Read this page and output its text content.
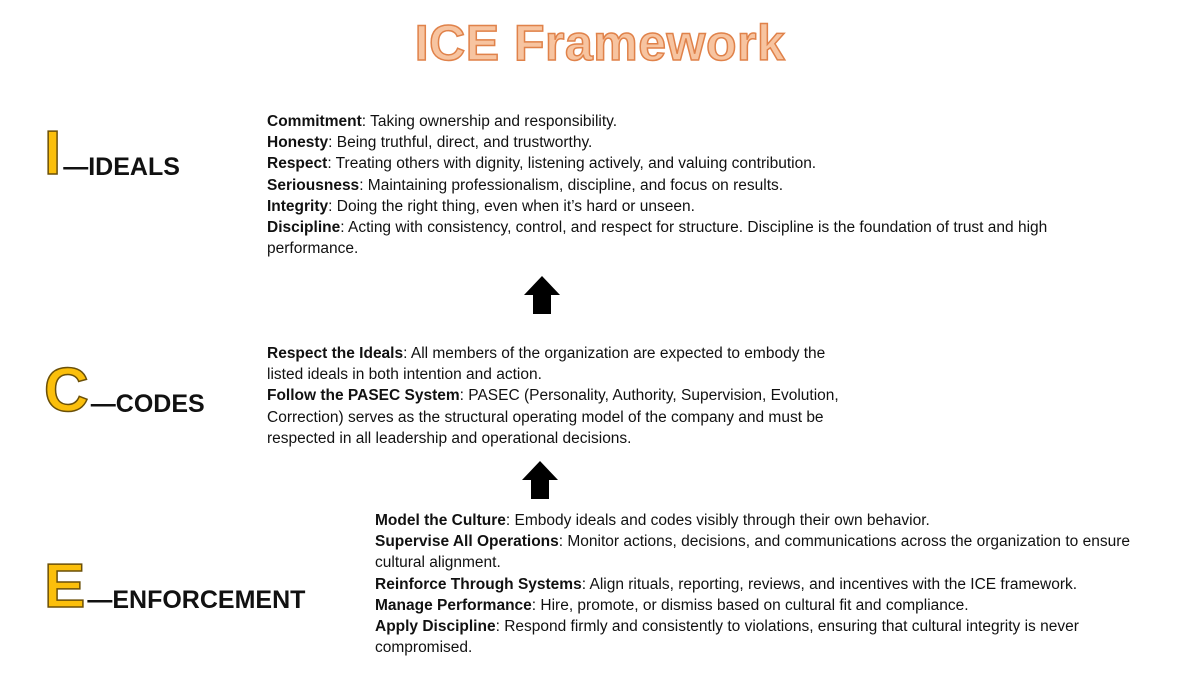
ICE Framework
I —IDEALS

Commitment: Taking ownership and responsibility.

Honesty: Being truthful, direct, and trustworthy.

Respect: Treating others with dignity, listening actively, and valuing contribution.

Seriousness: Maintaining professionalism, discipline, and focus on results.

Integrity: Doing the right thing, even when it’s hard or unseen.

Discipline: Acting with consistency, control, and respect for structure. Discipline is the foundation of trust and high performance.

C —CODES

Respect the Ideals: All members of the organization are expected to embody the listed ideals in both intention and action.

Follow the PASEC System: PASEC (Personality, Authority, Supervision, Evolution, Correction) serves as the structural operating model of the company and must be respected in all leadership and operational decisions.

E —ENFORCEMENT

Model the Culture: Embody ideals and codes visibly through their own behavior.

Supervise All Operations: Monitor actions, decisions, and communications across the organization to ensure cultural alignment.

Reinforce Through Systems: Align rituals, reporting, reviews, and incentives with the ICE framework.

Manage Performance: Hire, promote, or dismiss based on cultural fit and compliance.

Apply Discipline: Respond firmly and consistently to violations, ensuring that cultural integrity is never compromised.
